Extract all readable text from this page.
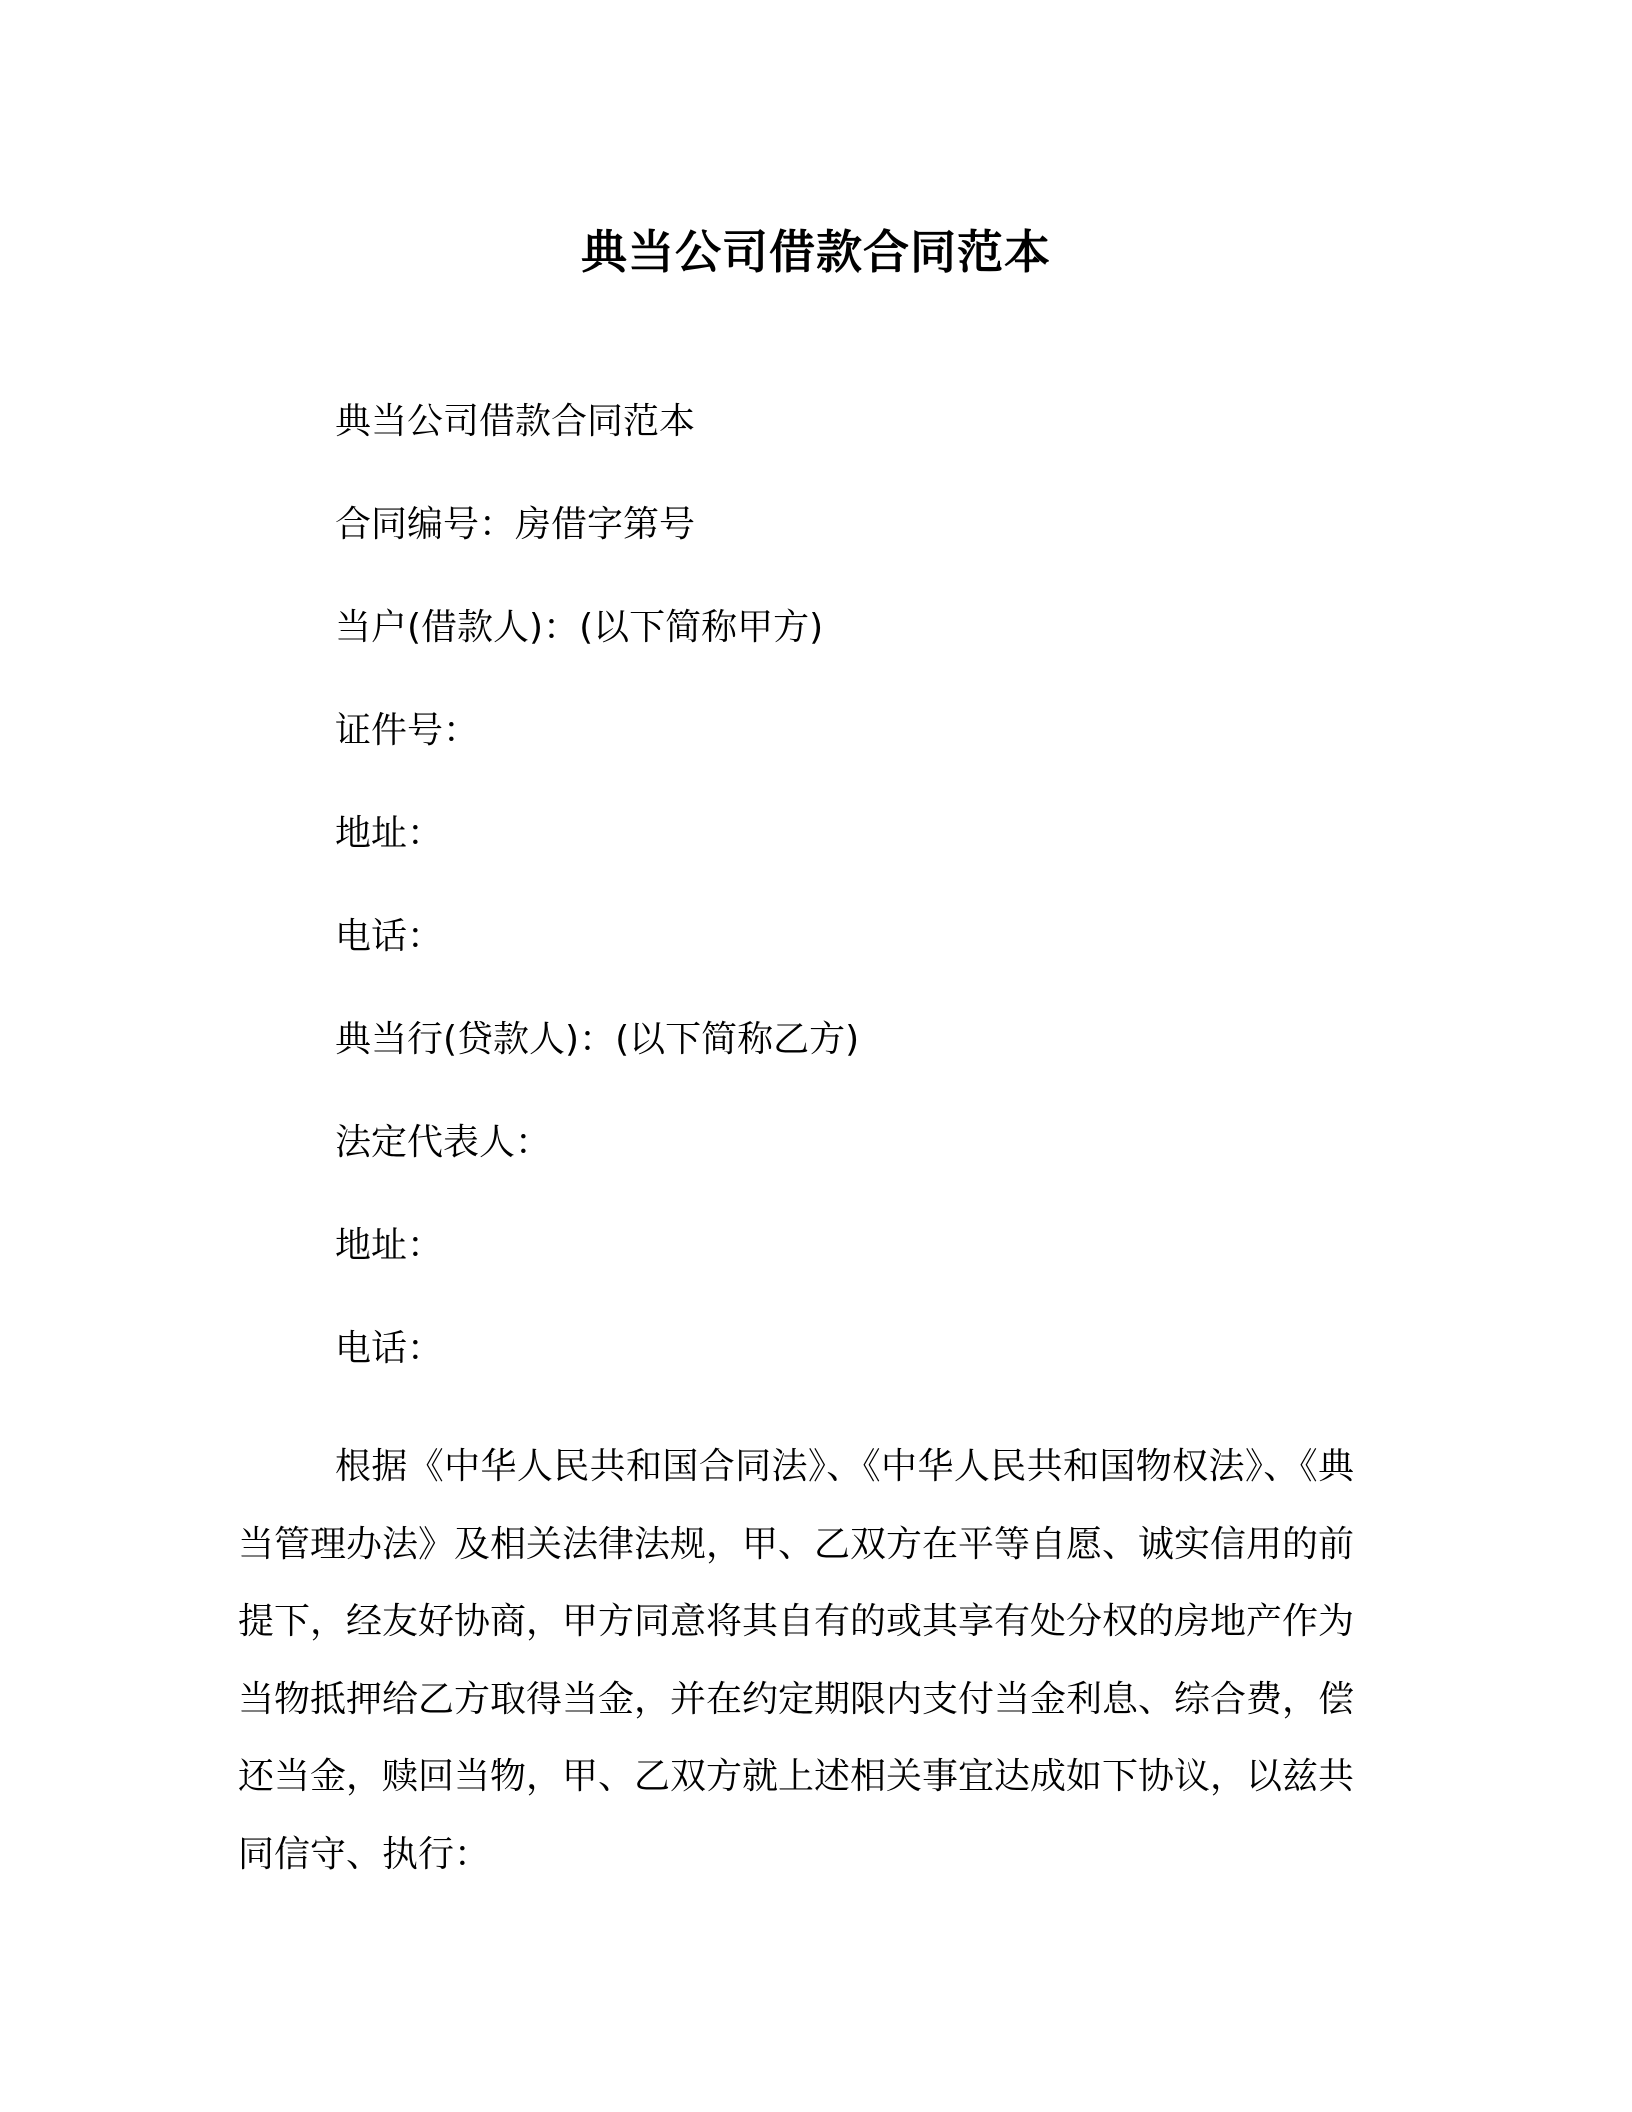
典当公司借款合同范本
典当公司借款合同范本
合同编号：房借字第号
当户(借款人)：(以下简称甲方)
证件号：
地址：
电话：
典当行(贷款人)：(以下简称乙方)
法定代表人：
地址：
电话：

根据《中华人民共和国合同法》、《中华人民共和国物权法》、《典当管理办法》及相关法律法规，甲、乙双方在平等自愿、诚实信用的前提下，经友好协商，甲方同意将其自有的或其享有处分权的房地产作为当物抵押给乙方取得当金，并在约定期限内支付当金利息、综合费，偿还当金，赎回当物，甲、乙双方就上述相关事宜达成如下协议，以兹共同信守、执行：
